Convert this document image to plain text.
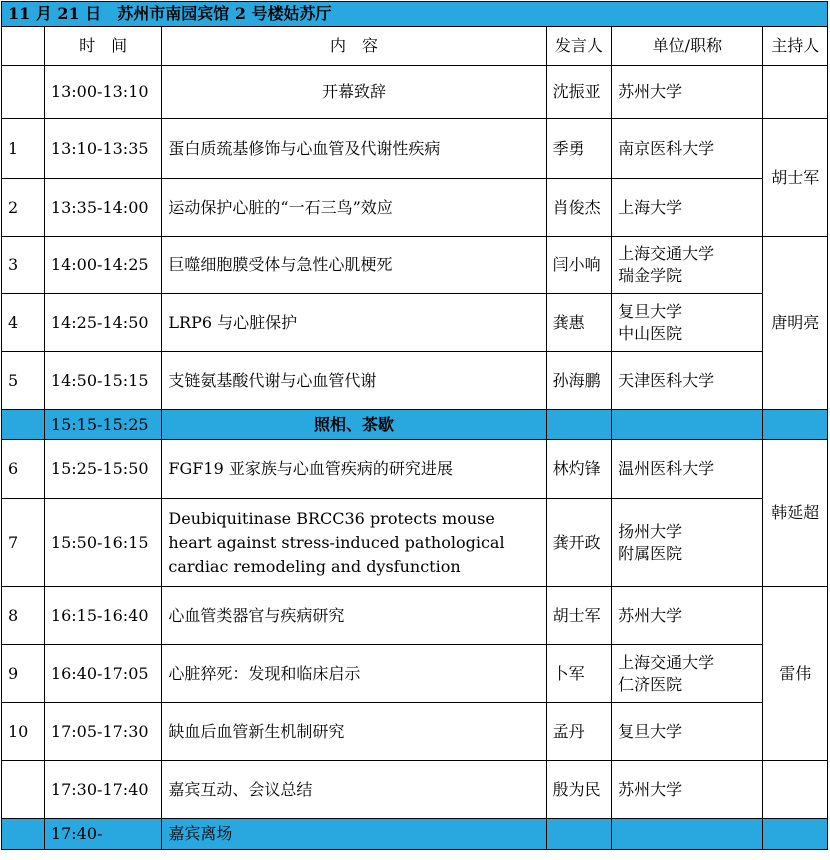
11 月 21 日　 苏州市南园宾馆 2 号楼姑苏厅					
	时　间	内　容	发言人	单位/职称	主持人
	13:00-13:10	开幕致辞	沈振亚	苏州大学	

1	13:10-13:35	蛋白质巯基修饰与心血管及代谢性疾病	季勇	南京医科大学	胡士军
2	13:35-14:00	运动保护心脏的“一石三鸟”效应	肖俊杰	上海大学	

3	14:00-14:25	巨噬细胞膜受体与急性心肌梗死	闫小响	上海交通大学
瑞金学院	唐明亮
4	14:25-14:50	LRP6 与心脏保护	龚惠	复旦大学
中山医院	

5	14:50-15:15	支链氨基酸代谢与心血管代谢	孙海鹏	天津医科大学	

	15:15-15:25	照相、茶歇			
6	15:25-15:50	FGF19 亚家族与心血管疾病的研究进展	林灼锋	温州医科大学	韩延超
7	15:50-16:15	Deubiquitinase BRCC36 protects mouse
heart against stress-induced pathological
cardiac remodeling and dysfunction	龚开政	扬州大学
附属医院	

8	16:15-16:40	心血管类器官与疾病研究	胡士军	苏州大学	雷伟
9	16:40-17:05	心脏猝死：发现和临床启示	卜军	上海交通大学
仁济医院	

10	17:05-17:30	缺血后血管新生机制研究	孟丹	复旦大学	

	17:30-17:40	嘉宾互动、会议总结	殷为民	苏州大学	

	17:40-	嘉宾离场			
